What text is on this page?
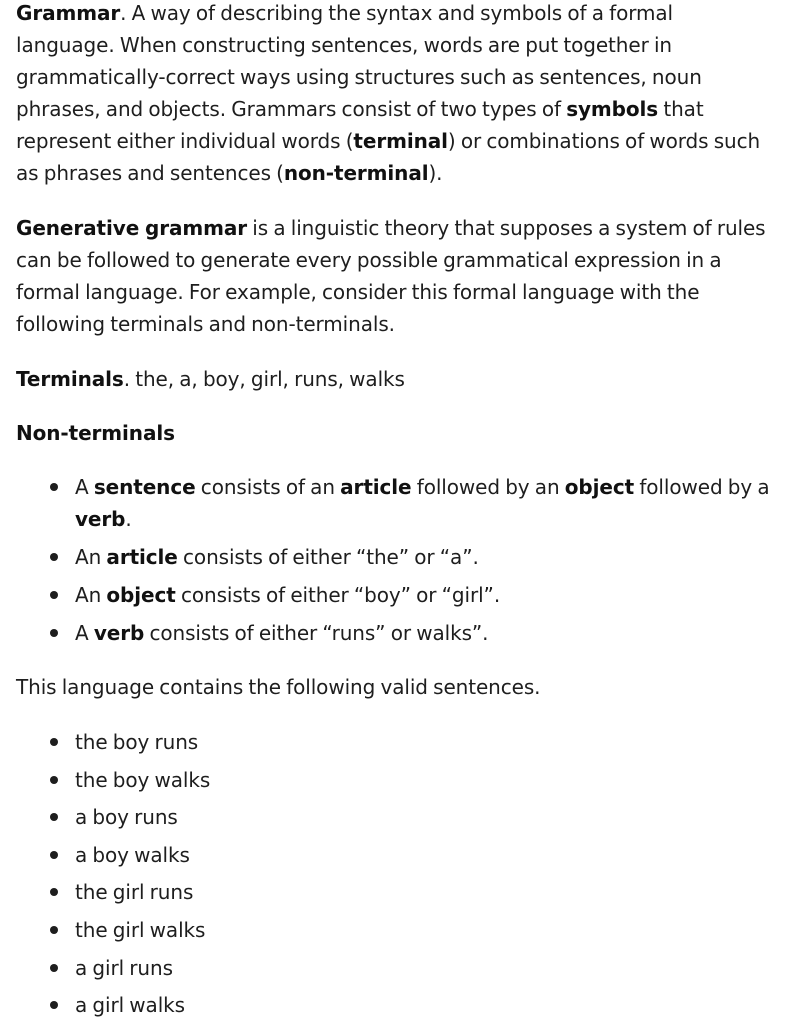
Grammar. A way of describing the syntax and symbols of a formal language. When constructing sentences, words are put together in grammatically-correct ways using structures such as sentences, noun phrases, and objects. Grammars consist of two types of symbols that represent either individual words (terminal) or combinations of words such as phrases and sentences (non-terminal).

Generative grammar is a linguistic theory that supposes a system of rules can be followed to generate every possible grammatical expression in a formal language. For example, consider this formal language with the following terminals and non-terminals.

Terminals. the, a, boy, girl, runs, walks

Non-terminals

A sentence consists of an article followed by an object followed by a verb.
An article consists of either “the” or “a”.
An object consists of either “boy” or “girl”.
A verb consists of either “runs” or walks”.

This language contains the following valid sentences.

the boy runs
the boy walks
a boy runs
a boy walks
the girl runs
the girl walks
a girl runs
a girl walks
